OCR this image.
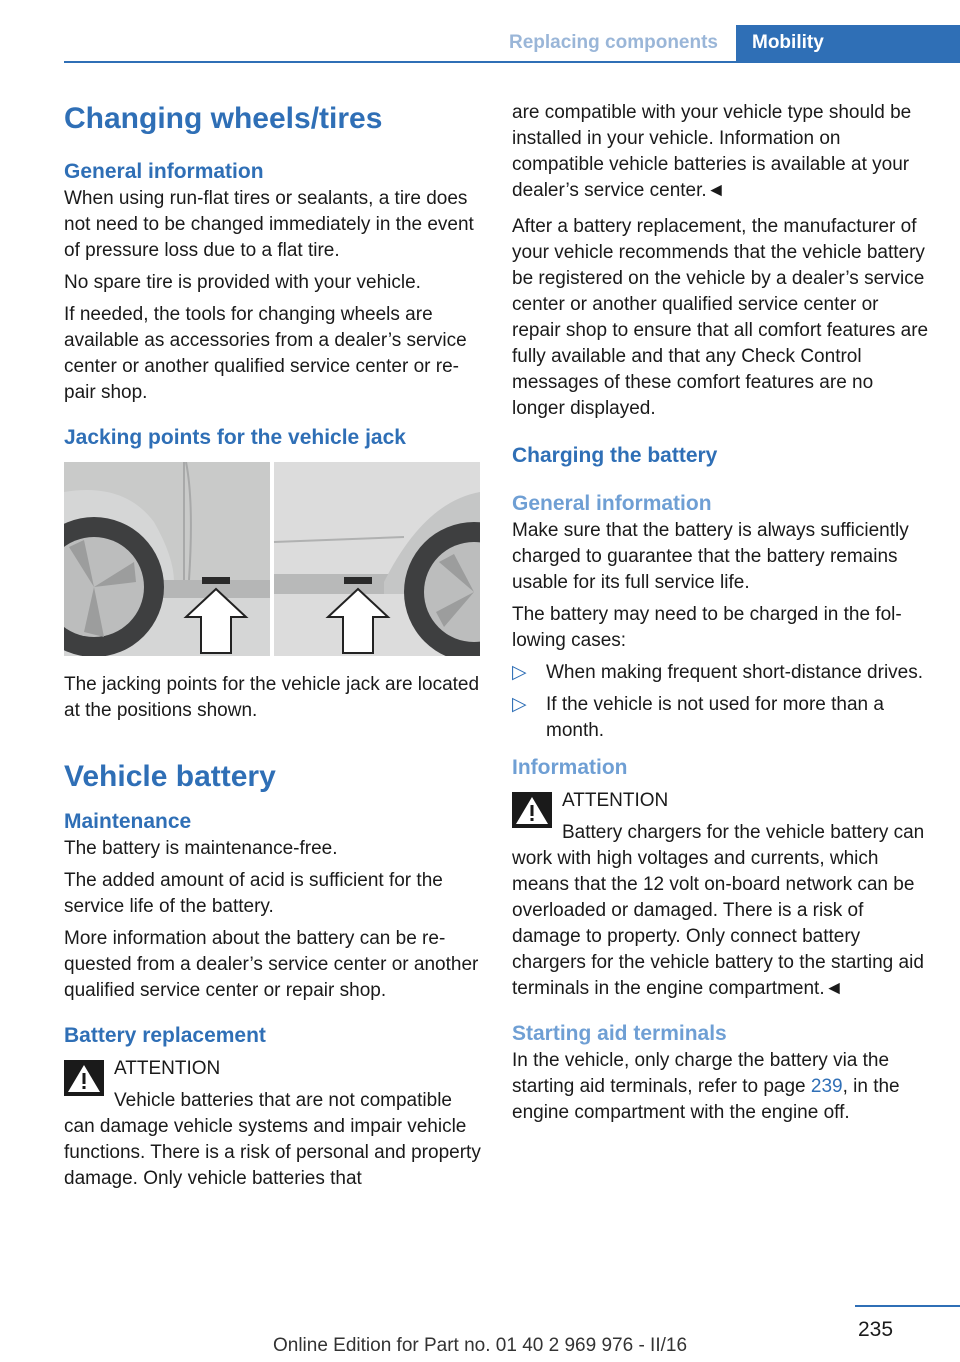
Replacing components	Mobility
Changing wheels/tires
General information

When using run-flat tires or sealants, a tire does not need to be changed immediately in the event of pressure loss due to a flat tire.

No spare tire is provided with your vehicle.

If needed, the tools for changing wheels are available as accessories from a dealer’s service center or another qualified service center or repair shop.

Jacking points for the vehicle jack

The jacking points for the vehicle jack are located at the positions shown.

Vehicle battery
Maintenance

The battery is maintenance-free.

The added amount of acid is sufficient for the service life of the battery.

More information about the battery can be requested from a dealer’s service center or another qualified service center or repair shop.

Battery replacement

ATTENTION

Vehicle batteries that are not compatible can damage vehicle systems and impair vehicle functions. There is a risk of personal and property damage. Only vehicle batteries that

are compatible with your vehicle type should be installed in your vehicle. Information on compatible vehicle batteries is available at your dealer’s service center.◄

After a battery replacement, the manufacturer of your vehicle recommends that the vehicle battery be registered on the vehicle by a dealer’s service center or another qualified service center or repair shop to ensure that all comfort features are fully available and that any Check Control messages of these comfort features are no longer displayed.

Charging the battery
General information

Make sure that the battery is always sufficiently charged to guarantee that the battery remains usable for its full service life.

The battery may need to be charged in the following cases:

▷ When making frequent short-distance drives.
▷ If the vehicle is not used for more than a month.
Information

ATTENTION

Battery chargers for the vehicle battery can work with high voltages and currents, which means that the 12 volt on-board network can be overloaded or damaged. There is a risk of damage to property. Only connect battery chargers for the vehicle battery to the starting aid terminals in the engine compartment.◄

Starting aid terminals

In the vehicle, only charge the battery via the starting aid terminals, refer to page 239, in the engine compartment with the engine off.

235
Online Edition for Part no. 01 40 2 969 976 - II/16
